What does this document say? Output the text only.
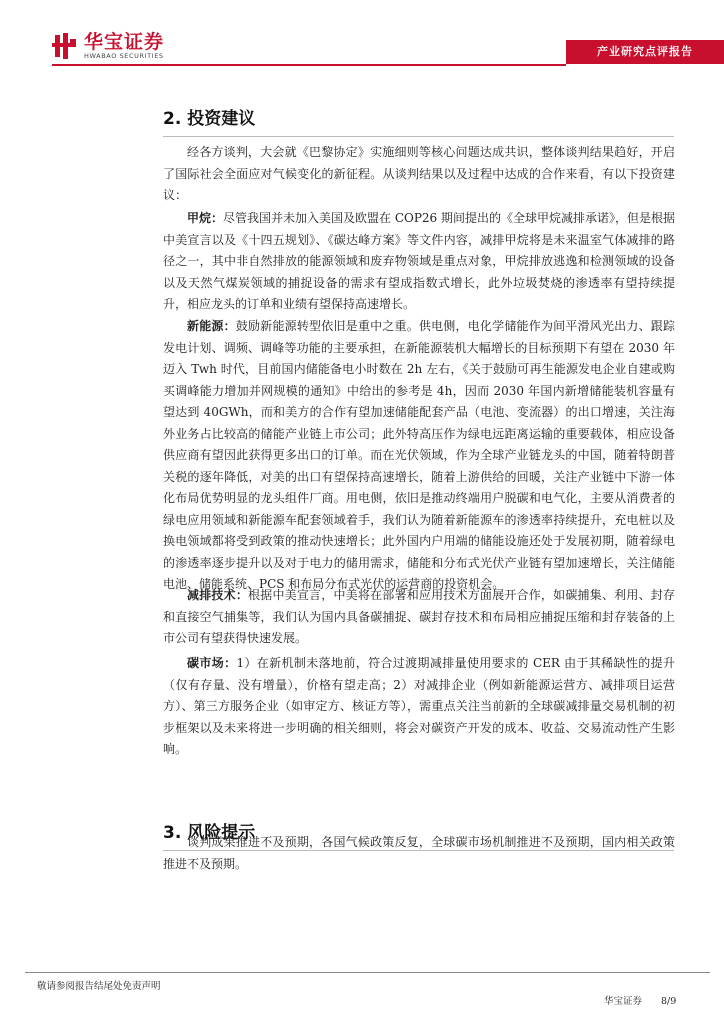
华宝证券
HWABAO SECURITIES	产业研究点评报告
2. 投资建议
经各方谈判，大会就《巴黎协定》实施细则等核心问题达成共识，整体谈判结果趋好，开启了国际社会全面应对气候变化的新征程。从谈判结果以及过程中达成的合作来看，有以下投资建议：
甲烷：尽管我国并未加入美国及欧盟在 COP26 期间提出的《全球甲烷减排承诺》，但是根据中美宣言以及《十四五规划》、《碳达峰方案》等文件内容，减排甲烷将是未来温室气体减排的路径之一，其中非自然排放的能源领域和废弃物领域是重点对象，甲烷排放逃逸和检测领域的设备以及天然气煤炭领域的捕捉设备的需求有望成指数式增长，此外垃圾焚烧的渗透率有望持续提升，相应龙头的订单和业绩有望保持高速增长。
新能源：鼓励新能源转型依旧是重中之重。供电侧，电化学储能作为间平滑风光出力、跟踪发电计划、调频、调峰等功能的主要承担，在新能源装机大幅增长的目标预期下有望在 2030 年迈入 Twh 时代，目前国内储能备电小时数在 2h 左右，《关于鼓励可再生能源发电企业自建或购买调峰能力增加并网规模的通知》中给出的参考是 4h，因而 2030 年国内新增储能装机容量有望达到 40GWh，而和美方的合作有望加速储能配套产品（电池、变流器）的出口增速，关注海外业务占比较高的储能产业链上市公司；此外特高压作为绿电远距离运输的重要载体，相应设备供应商有望因此获得更多出口的订单。而在光伏领域，作为全球产业链龙头的中国，随着特朗普关税的逐年降低，对美的出口有望保持高速增长，随着上游供给的回暖，关注产业链中下游一体化布局优势明显的龙头组件厂商。用电侧，依旧是推动终端用户脱碳和电气化，主要从消费者的绿电应用领域和新能源车配套领域着手，我们认为随着新能源车的渗透率持续提升，充电桩以及换电领域都将受到政策的推动快速增长；此外国内户用端的储能设施还处于发展初期，随着绿电的渗透率逐步提升以及对于电力的储用需求，储能和分布式光伏产业链有望加速增长，关注储能电池、储能系统、PCS 和布局分布式光伏的运营商的投资机会。
减排技术：根据中美宣言，中美将在部署和应用技术方面展开合作，如碳捕集、利用、封存和直接空气捕集等，我们认为国内具备碳捕捉、碳封存技术和布局相应捕捉压缩和封存装备的上市公司有望获得快速发展。
碳市场：1）在新机制未落地前，符合过渡期减排量使用要求的 CER 由于其稀缺性的提升（仅有存量、没有增量），价格有望走高；2）对减排企业（例如新能源运营方、减排项目运营方）、第三方服务企业（如审定方、核证方等），需重点关注当前新的全球碳减排量交易机制的初步框架以及未来将进一步明确的相关细则，将会对碳资产开发的成本、收益、交易流动性产生影响。
3. 风险提示
谈判成果推进不及预期，各国气候政策反复，全球碳市场机制推进不及预期，国内相关政策推进不及预期。
敬请参阅报告结尾处免责声明
华宝证券　　8/9
